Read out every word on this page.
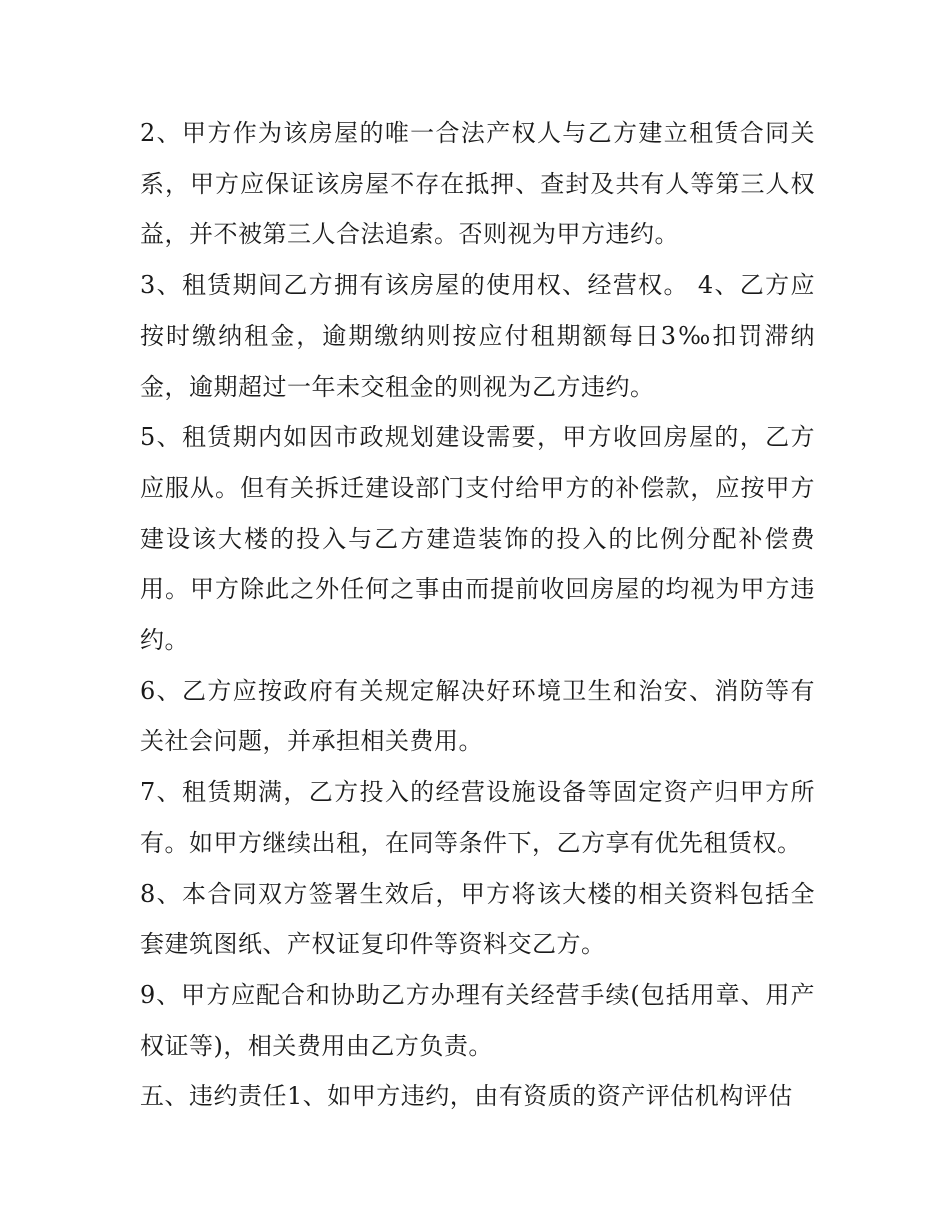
2、甲方作为该房屋的唯一合法产权人与乙方建立租赁合同关系，甲方应保证该房屋不存在抵押、查封及共有人等第三人权益，并不被第三人合法追索。否则视为甲方违约。

3、租赁期间乙方拥有该房屋的使用权、经营权。 4、乙方应按时缴纳租金，逾期缴纳则按应付租期额每日3‰扣罚滞纳金，逾期超过一年未交租金的则视为乙方违约。

5、租赁期内如因市政规划建设需要，甲方收回房屋的，乙方应服从。但有关拆迁建设部门支付给甲方的补偿款，应按甲方建设该大楼的投入与乙方建造装饰的投入的比例分配补偿费用。甲方除此之外任何之事由而提前收回房屋的均视为甲方违约。

6、乙方应按政府有关规定解决好环境卫生和治安、消防等有关社会问题，并承担相关费用。

7、租赁期满，乙方投入的经营设施设备等固定资产归甲方所有。如甲方继续出租，在同等条件下，乙方享有优先租赁权。

8、本合同双方签署生效后，甲方将该大楼的相关资料包括全套建筑图纸、产权证复印件等资料交乙方。

9、甲方应配合和协助乙方办理有关经营手续(包括用章、用产权证等)，相关费用由乙方负责。

五、违约责任1、如甲方违约，由有资质的资产评估机构评估
